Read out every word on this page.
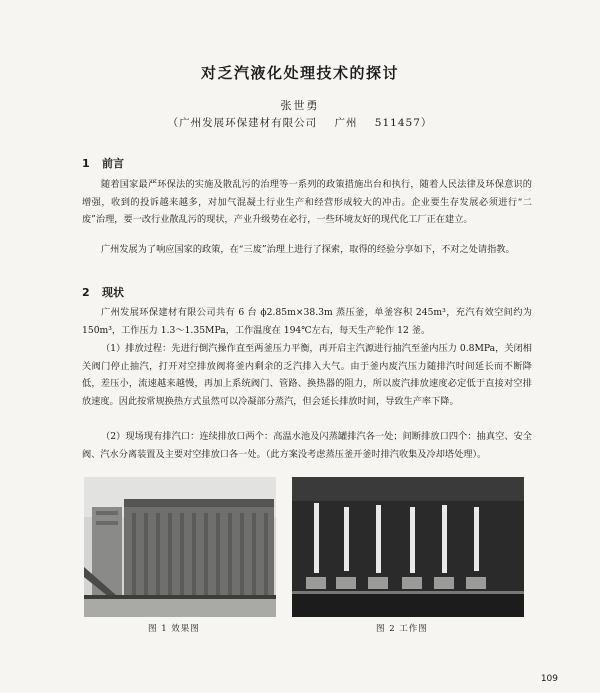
对乏汽液化处理技术的探讨
张世勇
（广州发展环保建材有限公司    广州    511457）
1 前言
随着国家最严环保法的实施及散乱污的治理等一系列的政策措施出台和执行，随着人民法律及环保意识的增强，收到的投诉越来越多，对加气混凝土行业生产和经营形成较大的冲击。企业要生存发展必须进行“二废”治理，要一改行业散乱污的现状，产业升级势在必行，一些环境友好的现代化工厂正在建立。
广州发展为了响应国家的政策，在“三废”治理上进行了探索，取得的经验分享如下，不对之处请指教。
2 现状
广州发展环保建材有限公司共有 6 台 ϕ2.85m×38.3m 蒸压釜，单釜容积 245m³，充汽有效空间约为 150m³，工作压力 1.3～1.35MPa，工作温度在 194℃左右，每天生产轮作 12 釜。
（1）排放过程：先进行倒汽操作直至两釜压力平衡，再开启主汽源进行抽汽至釜内压力 0.8MPa，关闭相关阀门停止抽汽，打开对空排放阀将釜内剩余的乏汽排入大气。由于釜内废汽压力随排汽时间延长而不断降低，差压小，流速越来越慢，再加上系统阀门、管路、换热器的阻力，所以废汽排放速度必定低于直接对空排放速度。因此按常规换热方式虽然可以冷凝部分蒸汽，但会延长排放时间，导致生产率下降。
（2）现场现有排汽口：连续排放口两个：高温水池及闪蒸罐排汽各一处；间断排放口四个：抽真空、安全阀、汽水分离装置及主要对空排放口各一处。（此方案没考虑蒸压釜开釜时排汽收集及冷却塔处理）。
图 1 效果图	图 2 工作图
109
